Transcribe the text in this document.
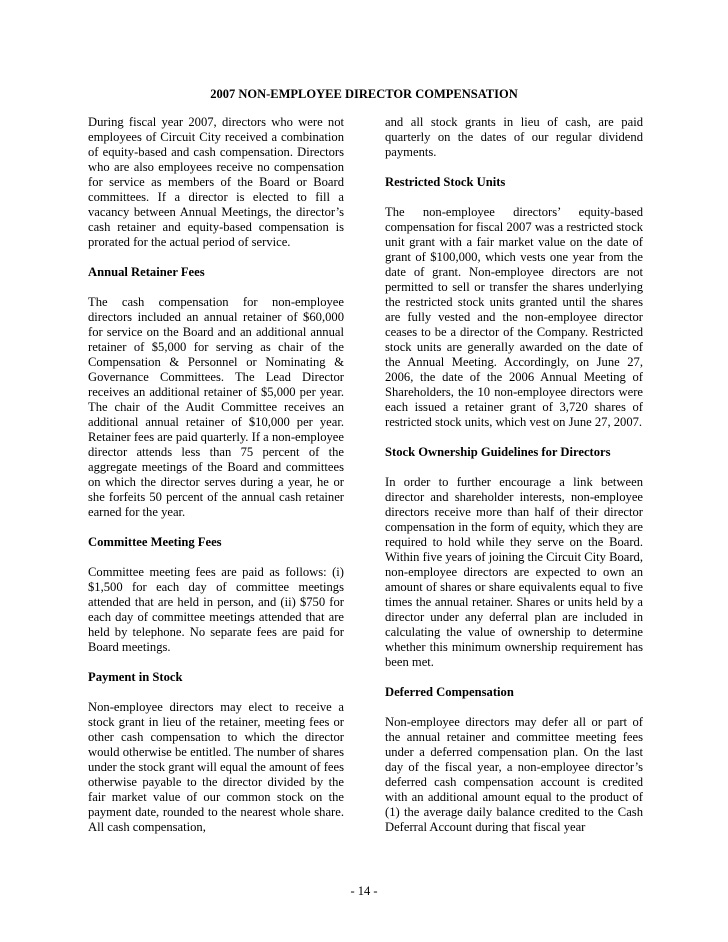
2007 NON-EMPLOYEE DIRECTOR COMPENSATION

During fiscal year 2007, directors who were not employees of Circuit City received a combination of equity-based and cash compensation. Directors who are also employees receive no compensation for service as members of the Board or Board committees. If a director is elected to fill a vacancy between Annual Meetings, the director’s cash retainer and equity-based compensation is prorated for the actual period of service.

Annual Retainer Fees

The cash compensation for non-employee directors included an annual retainer of $60,000 for service on the Board and an additional annual retainer of $5,000 for serving as chair of the Compensation & Personnel or Nominating & Governance Committees. The Lead Director receives an additional retainer of $5,000 per year. The chair of the Audit Committee receives an additional annual retainer of $10,000 per year. Retainer fees are paid quarterly. If a non-employee director attends less than 75 percent of the aggregate meetings of the Board and committees on which the director serves during a year, he or she forfeits 50 percent of the annual cash retainer earned for the year.

Committee Meeting Fees

Committee meeting fees are paid as follows: (i) $1,500 for each day of committee meetings attended that are held in person, and (ii) $750 for each day of committee meetings attended that are held by telephone. No separate fees are paid for Board meetings.

Payment in Stock

Non-employee directors may elect to receive a stock grant in lieu of the retainer, meeting fees or other cash compensation to which the director would otherwise be entitled. The number of shares under the stock grant will equal the amount of fees otherwise payable to the director divided by the fair market value of our common stock on the payment date, rounded to the nearest whole share. All cash compensation,

and all stock grants in lieu of cash, are paid quarterly on the dates of our regular dividend payments.

Restricted Stock Units

The non-employee directors’ equity-based compensation for fiscal 2007 was a restricted stock unit grant with a fair market value on the date of grant of $100,000, which vests one year from the date of grant. Non-employee directors are not permitted to sell or transfer the shares underlying the restricted stock units granted until the shares are fully vested and the non-employee director ceases to be a director of the Company. Restricted stock units are generally awarded on the date of the Annual Meeting. Accordingly, on June 27, 2006, the date of the 2006 Annual Meeting of Shareholders, the 10 non-employee directors were each issued a retainer grant of 3,720 shares of restricted stock units, which vest on June 27, 2007.

Stock Ownership Guidelines for Directors

In order to further encourage a link between director and shareholder interests, non-employee directors receive more than half of their director compensation in the form of equity, which they are required to hold while they serve on the Board. Within five years of joining the Circuit City Board, non-employee directors are expected to own an amount of shares or share equivalents equal to five times the annual retainer. Shares or units held by a director under any deferral plan are included in calculating the value of ownership to determine whether this minimum ownership requirement has been met.

Deferred Compensation

Non-employee directors may defer all or part of the annual retainer and committee meeting fees under a deferred compensation plan. On the last day of the fiscal year, a non-employee director’s deferred cash compensation account is credited with an additional amount equal to the product of (1) the average daily balance credited to the Cash Deferral Account during that fiscal year

- 14 -
